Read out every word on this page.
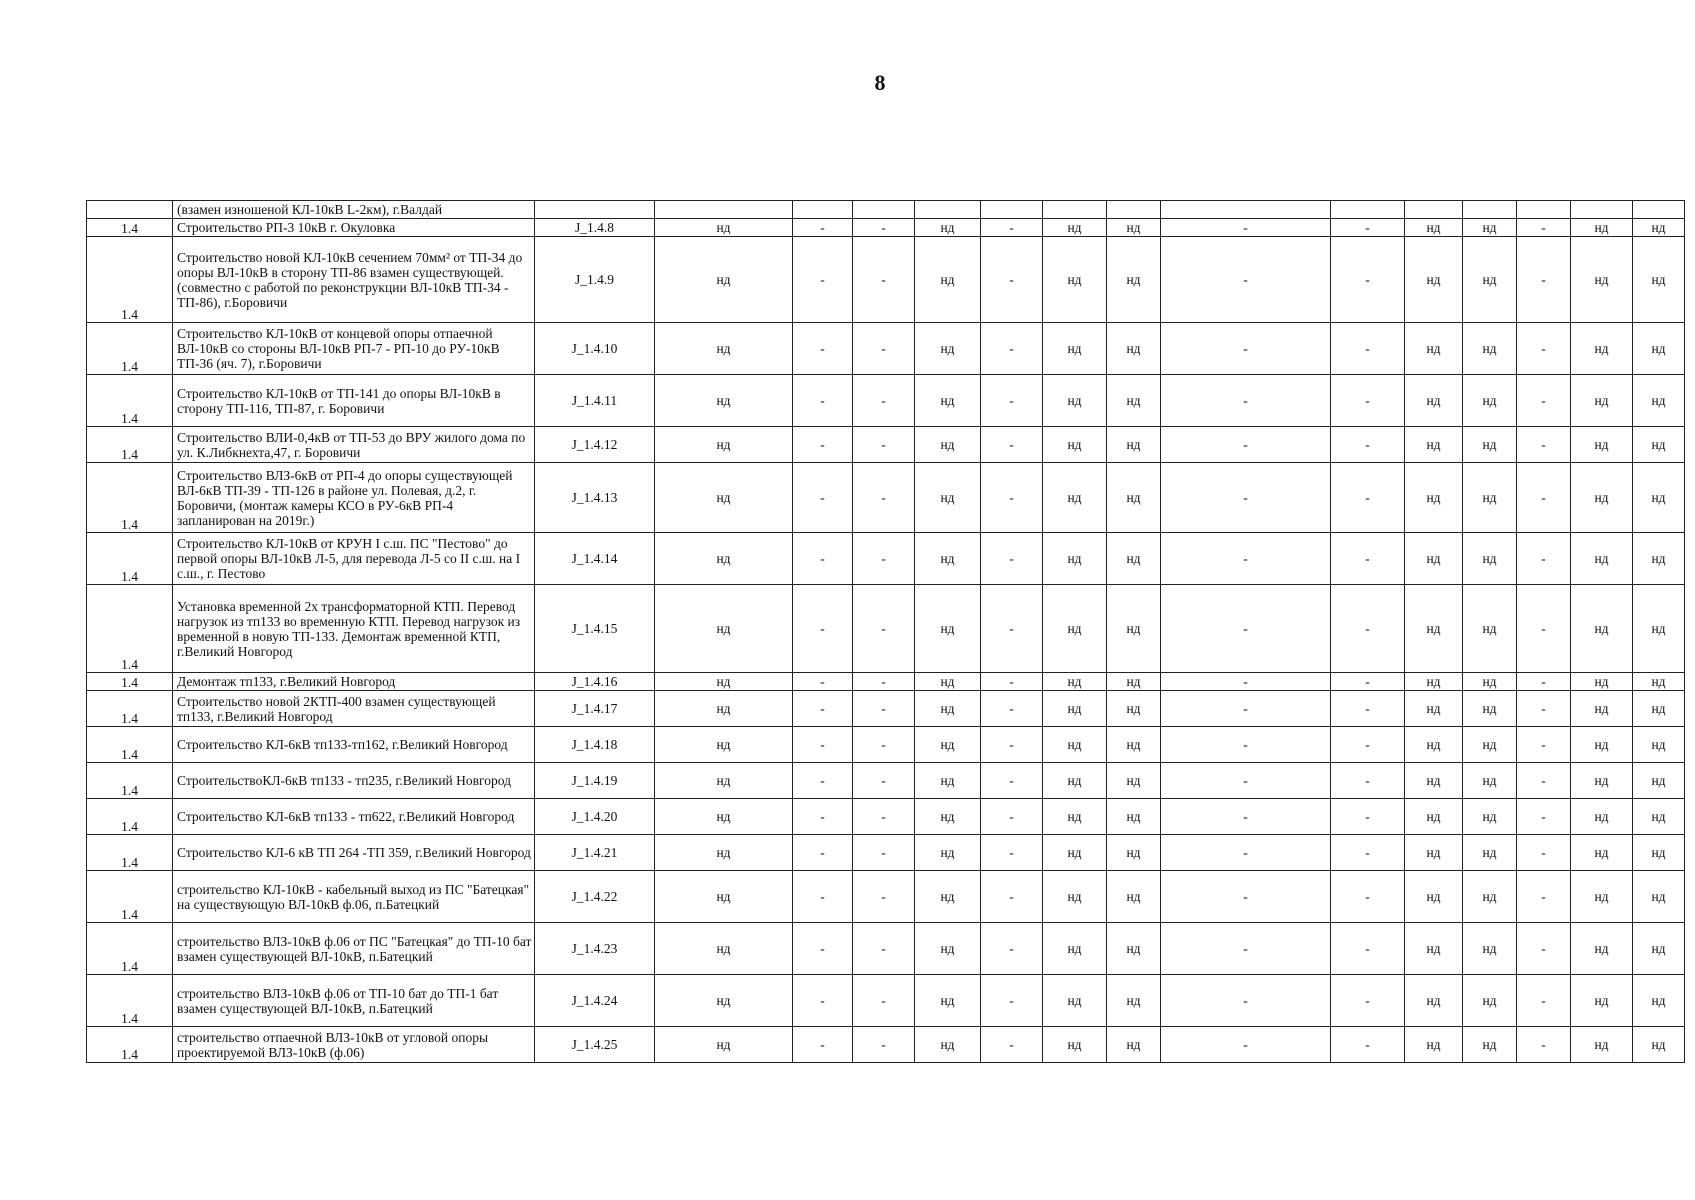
8
	(взамен изношеной КЛ-10кВ L-2км), г.Валдай															
1.4	Строительство РП-3 10кВ г. Окуловка	J_1.4.8	нд	-	-	нд	-	нд	нд	-	-	нд	нд	-	нд	нд
1.4	Строительство новой КЛ-10кВ сечением 70мм² от ТП-34 до опоры ВЛ-10кВ в сторону ТП-86 взамен существующей. (совместно с работой по реконструкции ВЛ-10кВ ТП-34 - ТП-86), г.Боровичи	J_1.4.9	нд	-	-	нд	-	нд	нд	-	-	нд	нд	-	нд	нд
1.4	Строительство КЛ-10кВ от концевой опоры отпаечной ВЛ-10кВ со стороны ВЛ-10кВ РП-7 - РП-10 до РУ-10кВ ТП-36 (яч. 7), г.Боровичи	J_1.4.10	нд	-	-	нд	-	нд	нд	-	-	нд	нд	-	нд	нд
1.4	Строительство КЛ-10кВ от ТП-141 до опоры ВЛ-10кВ в сторону ТП-116, ТП-87, г. Боровичи	J_1.4.11	нд	-	-	нд	-	нд	нд	-	-	нд	нд	-	нд	нд
1.4	Строительство ВЛИ-0,4кВ от ТП-53 до ВРУ жилого дома по ул. К.Либкнехта,47, г. Боровичи	J_1.4.12	нд	-	-	нд	-	нд	нд	-	-	нд	нд	-	нд	нд
1.4	Строительство ВЛЗ-6кВ от РП-4 до опоры существующей ВЛ-6кВ ТП-39 - ТП-126 в районе ул. Полевая, д.2, г. Боровичи, (монтаж камеры КСО в РУ-6кВ РП-4 запланирован на 2019г.)	J_1.4.13	нд	-	-	нд	-	нд	нд	-	-	нд	нд	-	нд	нд
1.4	Строительство КЛ-10кВ от КРУН I с.ш. ПС "Пестово" до первой опоры ВЛ-10кВ Л-5, для перевода Л-5 со II с.ш. на I с.ш., г. Пестово	J_1.4.14	нд	-	-	нд	-	нд	нд	-	-	нд	нд	-	нд	нд
1.4	Установка временной 2х трансформаторной КТП. Перевод нагрузок из тп133 во временную КТП. Перевод нагрузок из временной в новую ТП-133. Демонтаж временной КТП, г.Великий Новгород	J_1.4.15	нд	-	-	нд	-	нд	нд	-	-	нд	нд	-	нд	нд
1.4	Демонтаж тп133, г.Великий Новгород	J_1.4.16	нд	-	-	нд	-	нд	нд	-	-	нд	нд	-	нд	нд
1.4	Строительство новой 2КТП-400 взамен существующей тп133, г.Великий Новгород	J_1.4.17	нд	-	-	нд	-	нд	нд	-	-	нд	нд	-	нд	нд
1.4	Строительство КЛ-6кВ тп133-тп162, г.Великий Новгород	J_1.4.18	нд	-	-	нд	-	нд	нд	-	-	нд	нд	-	нд	нд
1.4	СтроительствоКЛ-6кВ тп133 - тп235, г.Великий Новгород	J_1.4.19	нд	-	-	нд	-	нд	нд	-	-	нд	нд	-	нд	нд
1.4	Строительство КЛ-6кВ тп133 - тп622, г.Великий Новгород	J_1.4.20	нд	-	-	нд	-	нд	нд	-	-	нд	нд	-	нд	нд
1.4	Строительство КЛ-6 кВ ТП 264 -ТП 359, г.Великий Новгород	J_1.4.21	нд	-	-	нд	-	нд	нд	-	-	нд	нд	-	нд	нд
1.4	строительство КЛ-10кВ - кабельный выход из ПС "Батецкая" на существующую ВЛ-10кВ ф.06, п.Батецкий	J_1.4.22	нд	-	-	нд	-	нд	нд	-	-	нд	нд	-	нд	нд
1.4	строительство ВЛЗ-10кВ ф.06 от ПС "Батецкая" до ТП-10 бат взамен существующей ВЛ-10кВ, п.Батецкий	J_1.4.23	нд	-	-	нд	-	нд	нд	-	-	нд	нд	-	нд	нд
1.4	строительство ВЛЗ-10кВ ф.06 от ТП-10 бат до ТП-1 бат взамен существующей ВЛ-10кВ, п.Батецкий	J_1.4.24	нд	-	-	нд	-	нд	нд	-	-	нд	нд	-	нд	нд
1.4	строительство отпаечной ВЛЗ-10кВ от угловой опоры проектируемой ВЛЗ-10кВ (ф.06)	J_1.4.25	нд	-	-	нд	-	нд	нд	-	-	нд	нд	-	нд	нд
